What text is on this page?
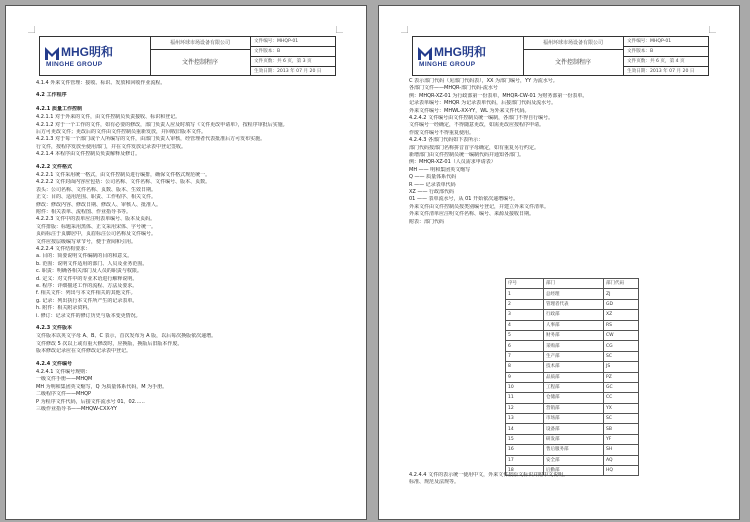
MHG明和
MINGHE GROUP
福州环球市场设备有限公司
文件控制程序
文件编号：MHQP-01
文件版本：B
文件页数：共 6 页，第 3 页
生效日期：2013 年 07 月 20 日
4.1.4 外来文件管理：接收、标识、发放和回收作业流程。
4.2 工作程序
4.2.1 质量工作控制
4.2.1.1 对于外来的文件，由文件控制员负责接收、标识和登记。
4.2.1.2 对于一个工作的文件，如有必要的修改，部门负责人应及时填写《文件更改申请单》，按程序审批后实施。
后方可更改文件；更改后的文件由文件控制员重新发放，并回收旧版本文件。
4.2.1.3 对于每一个部门或个人所编写的文件，由部门负责人审核，经管理者代表批准后方可发布实施。
行文件，按程序发放至使用部门，并在文件发放记录表中登记签收。
4.2.1.4 本程序由文件控制员负责解释及修订。
4.2.2 文件格式
4.2.2.1 文件采用统一格式，由文件控制员进行编排，确保文件格式规范统一。
4.2.2.2 文件封面内容应包括：公司名称、文件名称、文件编号、版本、页数。
表头：公司名称、文件名称、页数、版本、生效日期。
正文：目的、适用范围、职责、工作程序、相关文件。
修改：修改内容、修改日期、修改人、审核人、批准人。
附件：相关表单、流程图、作业指导书等。
4.2.2.3 文件中的表单应注明表单编号、版本及页码。
文件排版：标题采用黑体、正文采用宋体、字号统一。
页码标注于页脚居中，页眉标注公司名称及文件编号。
文件应按层级编写章节号，便于查阅和引用。
4.2.2.4 文件结构要求：
a. 目的：简要说明文件编制的目的和意义。
b. 范围：说明文件适用的部门、人员及业务范围。
c. 职责：明确各相关部门及人员的职责与权限。
d. 定义：对文件中的专业术语进行解释说明。
e. 程序：详细描述工作的流程、方法及要求。
f. 相关文件：列出与本文件相关的其他文件。
g. 记录：列出执行本文件所产生的记录表单。
h. 附件：相关附录资料。
i. 修订：记录文件的修订历史与版本变更情况。
4.2.3 文件版本
文件版本以英文字母 A、B、C 表示，首次发布为 A 版，以后每次换版依次递增。
文件修改 5 次以上或有重大修改时，应换版，换版后旧版本作废。
版本修改记录应在文件修改记录表中登记。
4.2.4 文件编号
4.2.4.1 文件编号规则：
一级文件手册——MHQM
MH 为明和集团英文缩写，Q 为质量体系代码，M 为手册。
二级程序文件——MHQP
P 为程序文件代码，后接文件流水号 01、02……
三级作业指导书——MHQW-CXX-YY
MHG明和
MINGHE GROUP
福州环球市场设备有限公司
文件控制程序
文件编号：MHQP-01
文件版本：B
文件页数：共 6 页，第 4 页
生效日期：2013 年 07 月 20 日
C 表示部门代码（见部门代码表），XX 为部门编号，YY 为流水号。
各部门文件——MHQR-部门代码-流水号
例：MHQR-XZ-01 为行政部第一份表单，MHQR-CW-01 为财务部第一份表单。
记录表单编号：MHQR 为记录表单代码，后接部门代码及流水号。
外来文件编号：MHWL-XX-YY，WL 为外来文件代码。
4.2.4.2 文件编号由文件控制员统一编制，各部门不得自行编号。
文件编号一经确定，不得随意更改，如需更改应按程序申请。
作废文件编号不得重复使用。
4.2.4.3 各部门代码如下表所示：
部门代码按部门名称拼音首字母确定，如有重复另行约定。
新增部门由文件控制员统一编制代码并通知各部门。
例：MHQR-XZ-01（人员需求申请表）
MH —— 明和集团英文缩写
Q —— 质量体系代码
R —— 记录表单代码
XZ —— 行政部代码
01 —— 表单流水号，从 01 开始依次递增编号。
外来文件由文件控制员按类别编号登记，并建立外来文件清单。
外来文件清单应注明文件名称、编号、来源及接收日期。
附表：部门代码
序号	部门	部门代码
1	总经理	ZJ
2	管理者代表	GD
3	行政部	XZ
4	人事部	RS
5	财务部	CW
6	采购部	CG
7	生产部	SC
8	技术部	JS
9	品质部	PZ
10	工程部	GC
11	仓储部	CC
12	营销部	YX
13	市场部	SC
14	设备部	SB
15	研发部	YF
16	售后服务部	SH
17	安全部	AQ
18	后勤部	HQ
4.2.4.4 文件的表示统一使用中文，外来文件按原文标识并附中文说明。
标准、规范及法规等。
